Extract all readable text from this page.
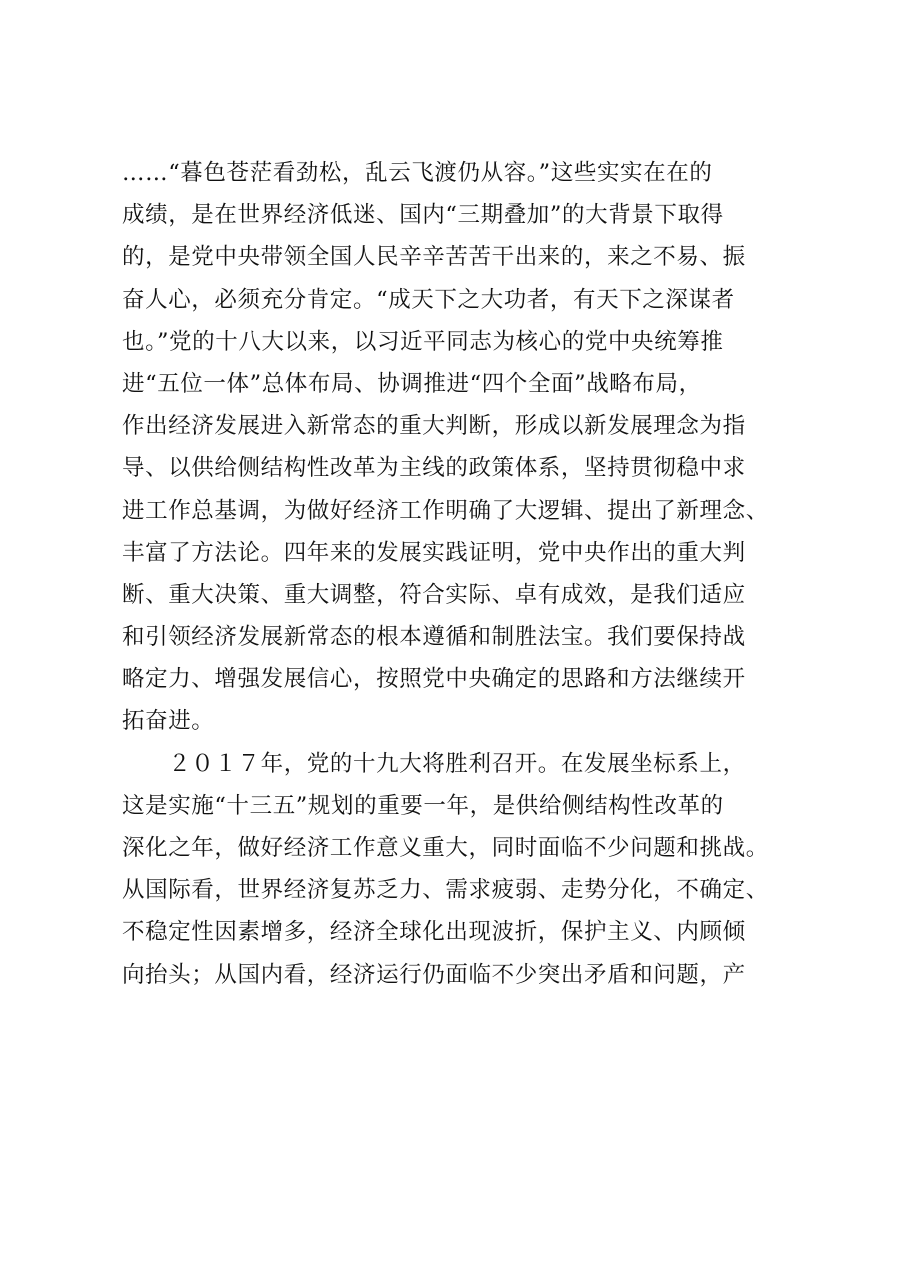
……“暮色苍茫看劲松，乱云飞渡仍从容。”这些实实在在的
成绩，是在世界经济低迷、国内“三期叠加”的大背景下取得
的，是党中央带领全国人民辛辛苦苦干出来的，来之不易、振
奋人心，必须充分肯定。“成天下之大功者，有天下之深谋者
也。”党的十八大以来，以习近平同志为核心的党中央统筹推
进“五位一体”总体布局、协调推进“四个全面”战略布局，
作出经济发展进入新常态的重大判断，形成以新发展理念为指
导、以供给侧结构性改革为主线的政策体系，坚持贯彻稳中求
进工作总基调，为做好经济工作明确了大逻辑、提出了新理念、
丰富了方法论。四年来的发展实践证明，党中央作出的重大判
断、重大决策、重大调整，符合实际、卓有成效，是我们适应
和引领经济发展新常态的根本遵循和制胜法宝。我们要保持战
略定力、增强发展信心，按照党中央确定的思路和方法继续开
拓奋进。
　　２０１７年，党的十九大将胜利召开。在发展坐标系上，
这是实施“十三五”规划的重要一年，是供给侧结构性改革的
深化之年，做好经济工作意义重大，同时面临不少问题和挑战。
从国际看，世界经济复苏乏力、需求疲弱、走势分化，不确定、
不稳定性因素增多，经济全球化出现波折，保护主义、内顾倾
向抬头；从国内看，经济运行仍面临不少突出矛盾和问题，产
